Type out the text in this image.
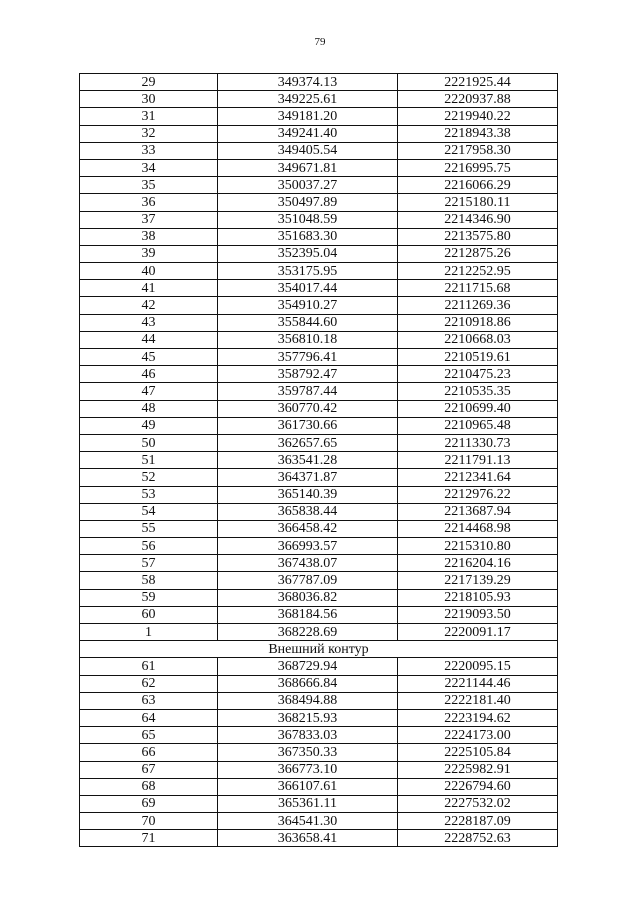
79
29	349374.13	2221925.44
30	349225.61	2220937.88
31	349181.20	2219940.22
32	349241.40	2218943.38
33	349405.54	2217958.30
34	349671.81	2216995.75
35	350037.27	2216066.29
36	350497.89	2215180.11
37	351048.59	2214346.90
38	351683.30	2213575.80
39	352395.04	2212875.26
40	353175.95	2212252.95
41	354017.44	2211715.68
42	354910.27	2211269.36
43	355844.60	2210918.86
44	356810.18	2210668.03
45	357796.41	2210519.61
46	358792.47	2210475.23
47	359787.44	2210535.35
48	360770.42	2210699.40
49	361730.66	2210965.48
50	362657.65	2211330.73
51	363541.28	2211791.13
52	364371.87	2212341.64
53	365140.39	2212976.22
54	365838.44	2213687.94
55	366458.42	2214468.98
56	366993.57	2215310.80
57	367438.07	2216204.16
58	367787.09	2217139.29
59	368036.82	2218105.93
60	368184.56	2219093.50
1	368228.69	2220091.17
Внешний контур		
61	368729.94	2220095.15
62	368666.84	2221144.46
63	368494.88	2222181.40
64	368215.93	2223194.62
65	367833.03	2224173.00
66	367350.33	2225105.84
67	366773.10	2225982.91
68	366107.61	2226794.60
69	365361.11	2227532.02
70	364541.30	2228187.09
71	363658.41	2228752.63
